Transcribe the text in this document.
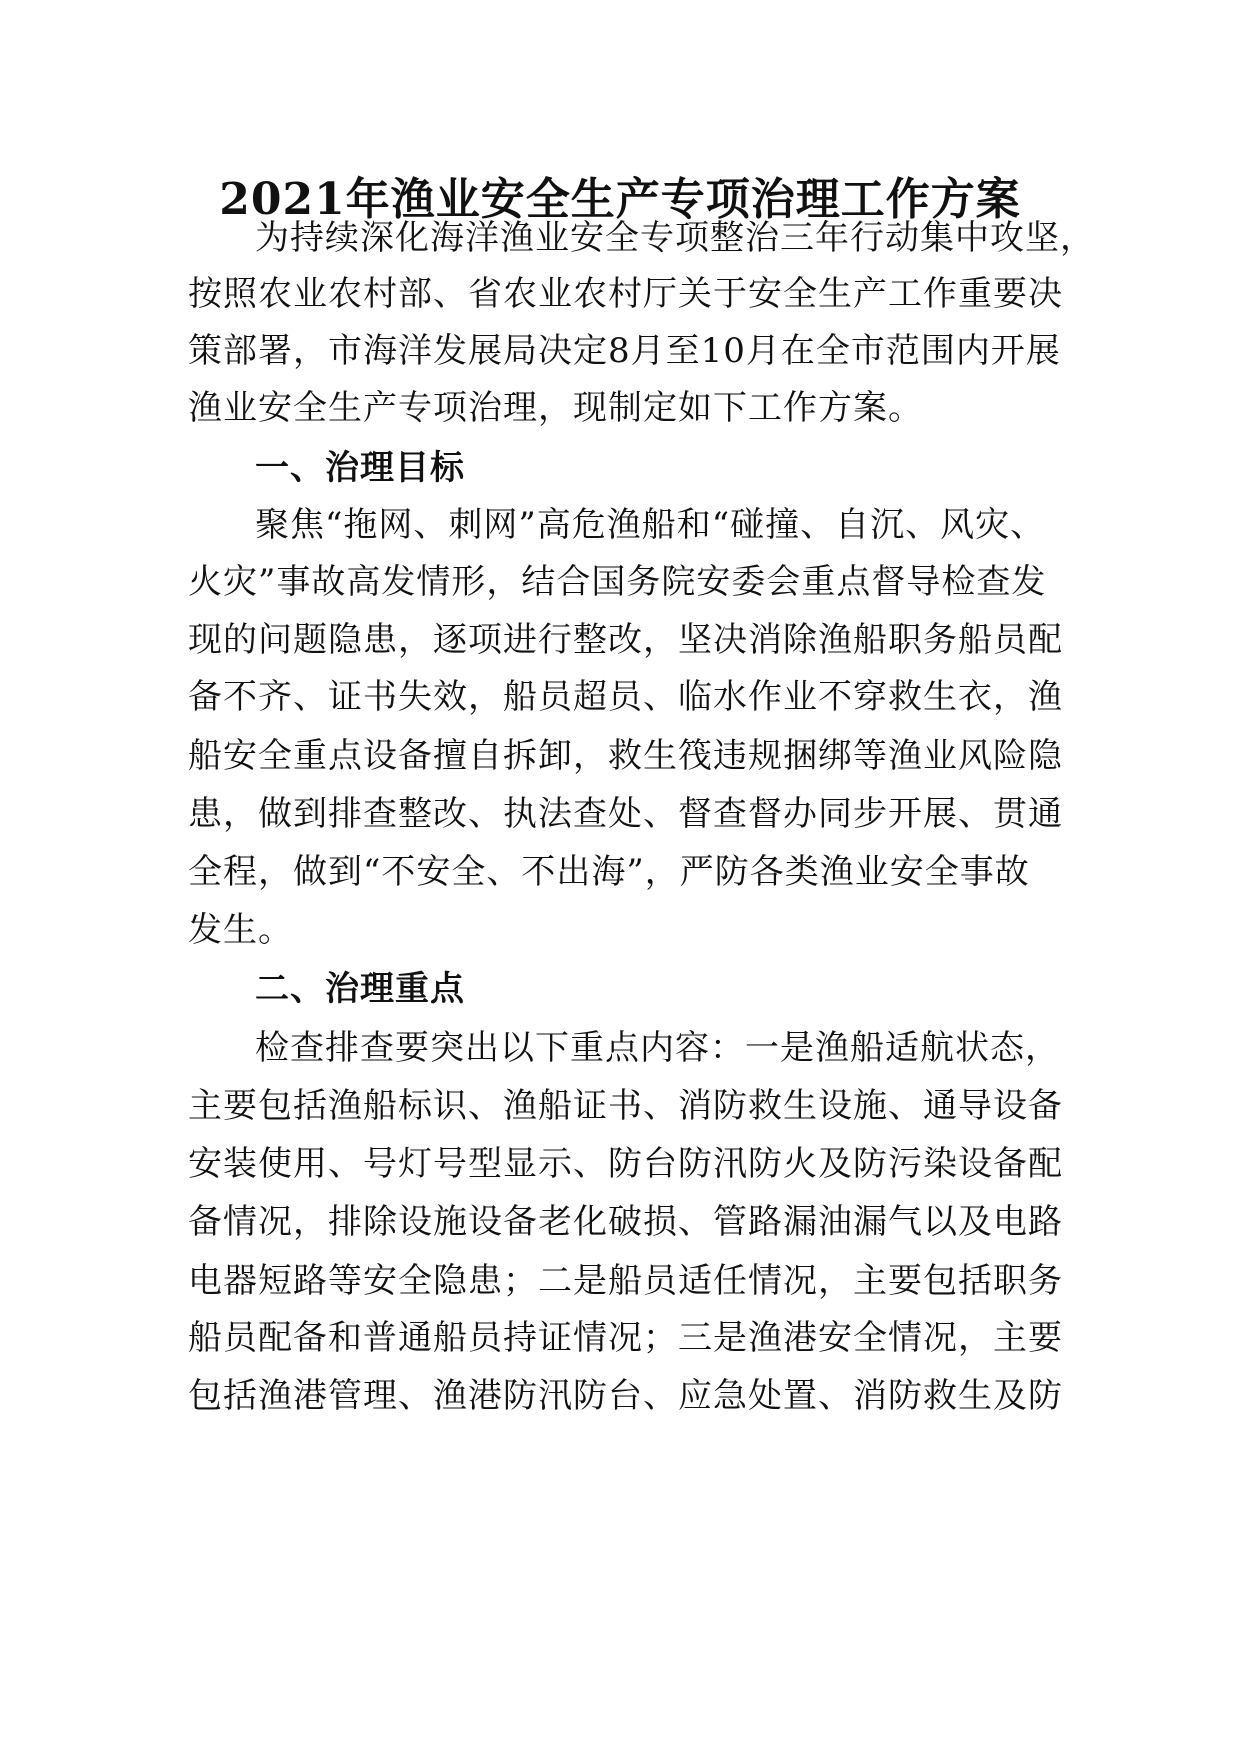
2021年渔业安全生产专项治理工作方案
为持续深化海洋渔业安全专项整治三年行动集中攻坚，
按照农业农村部、省农业农村厅关于安全生产工作重要决
策部署，市海洋发展局决定8月至10月在全市范围内开展
渔业安全生产专项治理，现制定如下工作方案。
一、治理目标
聚焦“拖网、刺网”高危渔船和“碰撞、自沉、风灾、
火灾”事故高发情形，结合国务院安委会重点督导检查发
现的问题隐患，逐项进行整改，坚决消除渔船职务船员配
备不齐、证书失效，船员超员、临水作业不穿救生衣，渔
船安全重点设备擅自拆卸，救生筏违规捆绑等渔业风险隐
患，做到排查整改、执法查处、督查督办同步开展、贯通
全程，做到“不安全、不出海”，严防各类渔业安全事故
发生。
二、治理重点
检查排查要突出以下重点内容：一是渔船适航状态，
主要包括渔船标识、渔船证书、消防救生设施、通导设备
安装使用、号灯号型显示、防台防汛防火及防污染设备配
备情况，排除设施设备老化破损、管路漏油漏气以及电路
电器短路等安全隐患；二是船员适任情况，主要包括职务
船员配备和普通船员持证情况；三是渔港安全情况，主要
包括渔港管理、渔港防汛防台、应急处置、消防救生及防
